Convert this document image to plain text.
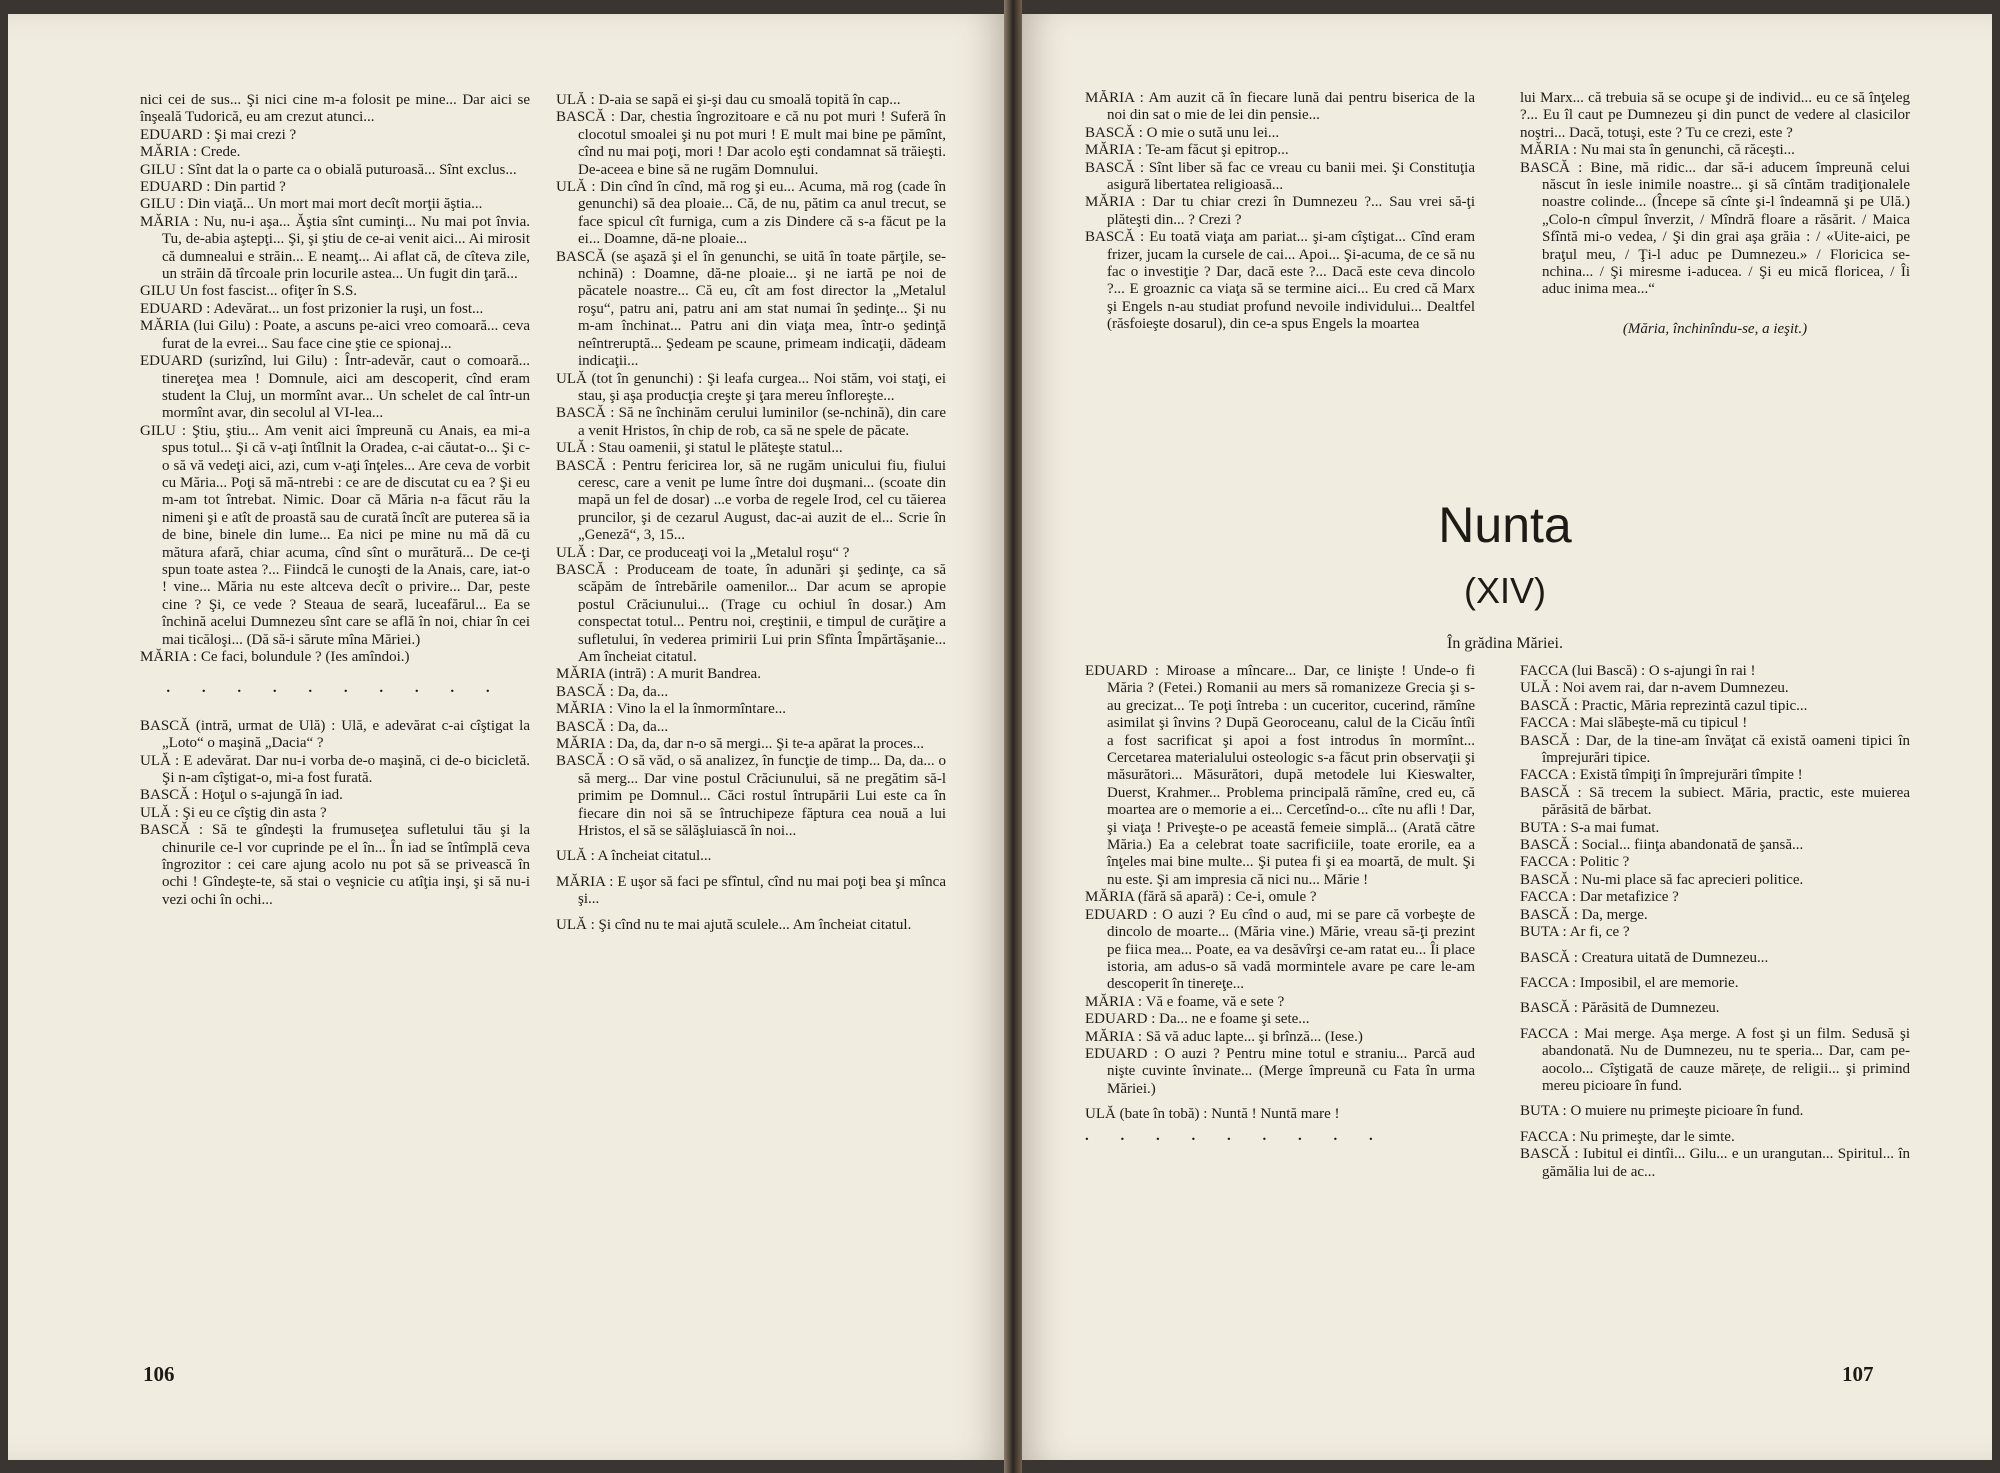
nici cei de sus... Şi nici cine m-a folosit pe mine... Dar aici se înşeală Tudorică, eu am crezut atunci...

EDUARD : Şi mai crezi ?

MĂRIA : Crede.

GILU : Sînt dat la o parte ca o obială puturoasă... Sînt exclus...

EDUARD : Din partid ?

GILU : Din viaţă... Un mort mai mort decît morţii ăştia...

MĂRIA : Nu, nu-i aşa... Ăştia sînt cuminţi... Nu mai pot învia. Tu, de-abia aştepţi... Şi, şi ştiu de ce-ai venit aici... Ai mirosit că dumnealui e străin... E neamţ... Ai aflat că, de cîteva zile, un străin dă tîrcoale prin locurile astea... Un fugit din ţară...

GILU Un fost fascist... ofiţer în S.S.

EDUARD : Adevărat... un fost prizonier la ruşi, un fost...

MĂRIA (lui Gilu) : Poate, a ascuns pe-aici vreo comoară... ceva furat de la evrei... Sau face cine ştie ce spionaj...

EDUARD (surizînd, lui Gilu) : Într-adevăr, caut o comoară... tinereţea mea ! Domnule, aici am descoperit, cînd eram student la Cluj, un mormînt avar... Un schelet de cal într-un mormînt avar, din secolul al VI-lea...

GILU : Ştiu, ştiu... Am venit aici împreună cu Anais, ea mi-a spus totul... Şi că v-aţi întîlnit la Oradea, c-ai căutat-o... Şi c-o să vă vedeţi aici, azi, cum v-aţi înţeles... Are ceva de vorbit cu Măria... Poţi să mă-ntrebi : ce are de discutat cu ea ? Şi eu m-am tot întrebat. Nimic. Doar că Măria n-a făcut rău la nimeni şi e atît de proastă sau de curată încît are puterea să ia de bine, binele din lume... Ea nici pe mine nu mă dă cu mătura afară, chiar acuma, cînd sînt o murătură... De ce-ţi spun toate astea ?... Fiindcă le cunoşti de la Anais, care, iat-o ! vine... Măria nu este altceva decît o privire... Dar, peste cine ? Şi, ce vede ? Steaua de seară, luceafărul... Ea se închină acelui Dumnezeu sînt care se află în noi, chiar în cei mai ticăloşi... (Dă să-i sărute mîna Măriei.)

MĂRIA : Ce faci, bolundule ? (Ies amîndoi.)

. . . . . . . . . .

BASCĂ (intră, urmat de Ulă) : Ulă, e adevărat c-ai cîştigat la „Loto“ o maşină „Dacia“ ?

ULĂ : E adevărat. Dar nu-i vorba de-o maşină, ci de-o bicicletă. Şi n-am cîştigat-o, mi-a fost furată.

BASCĂ : Hoţul o s-ajungă în iad.

ULĂ : Şi eu ce cîştig din asta ?

BASCĂ : Să te gîndeşti la frumuseţea sufletului tău şi la chinurile ce-l vor cuprinde pe el în... În iad se întîmplă ceva îngrozitor : cei care ajung acolo nu pot să se privească în ochi ! Gîndeşte-te, să stai o veşnicie cu atîţia inşi, şi să nu-i vezi ochi în ochi...

ULĂ : D-aia se sapă ei şi-şi dau cu smoală topită în cap...

BASCĂ : Dar, chestia îngrozitoare e că nu pot muri ! Suferă în clocotul smoalei şi nu pot muri ! E mult mai bine pe pămînt, cînd nu mai poţi, mori ! Dar acolo eşti condamnat să trăieşti. De-aceea e bine să ne rugăm Domnului.

ULĂ : Din cînd în cînd, mă rog şi eu... Acuma, mă rog (cade în genunchi) să dea ploaie... Că, de nu, pătim ca anul trecut, se face spicul cît furniga, cum a zis Dindere că s-a făcut pe la ei... Doamne, dă-ne ploaie...

BASCĂ (se aşază şi el în genunchi, se uită în toate părţile, se-nchină) : Doamne, dă-ne ploaie... şi ne iartă pe noi de păcatele noastre... Că eu, cît am fost director la „Metalul roşu“, patru ani, patru ani am stat numai în şedinţe... Şi nu m-am închinat... Patru ani din viaţa mea, într-o şedinţă neîntreruptă... Şedeam pe scaune, primeam indicaţii, dădeam indicaţii...

ULĂ (tot în genunchi) : Şi leafa curgea... Noi stăm, voi staţi, ei stau, şi aşa producţia creşte şi ţara mereu înfloreşte...

BASCĂ : Să ne închinăm cerului luminilor (se-nchină), din care a venit Hristos, în chip de rob, ca să ne spele de păcate.

ULĂ : Stau oamenii, şi statul le plăteşte statul...

BASCĂ : Pentru fericirea lor, să ne rugăm unicului fiu, fiului ceresc, care a venit pe lume între doi duşmani... (scoate din mapă un fel de dosar) ...e vorba de regele Irod, cel cu tăierea pruncilor, şi de cezarul August, dac-ai auzit de el... Scrie în „Geneză“, 3, 15...

ULĂ : Dar, ce produceaţi voi la „Metalul roşu“ ?

BASCĂ : Produceam de toate, în adunări şi şedinţe, ca să scăpăm de întrebările oamenilor... Dar acum se apropie postul Crăciunului... (Trage cu ochiul în dosar.) Am conspectat totul... Pentru noi, creştinii, e timpul de curăţire a sufletului, în vederea primirii Lui prin Sfînta Împărtăşanie... Am încheiat citatul.

MĂRIA (intră) : A murit Bandrea.

BASCĂ : Da, da...

MĂRIA : Vino la el la înmormîntare...

BASCĂ : Da, da...

MĂRIA : Da, da, dar n-o să mergi... Şi te-a apărat la proces...

BASCĂ : O să văd, o să analizez, în funcţie de timp... Da, da... o să merg... Dar vine postul Crăciunului, să ne pregătim să-l primim pe Domnul... Căci rostul întrupării Lui este ca în fiecare din noi să se întruchipeze făptura cea nouă a lui Hristos, el să se sălăşluiască în noi...

ULĂ : A încheiat citatul...

MĂRIA : E uşor să faci pe sfîntul, cînd nu mai poţi bea şi mînca şi...

ULĂ : Şi cînd nu te mai ajută sculele... Am încheiat citatul.

106

MĂRIA : Am auzit că în fiecare lună dai pentru biserica de la noi din sat o mie de lei din pensie...

BASCĂ : O mie o sută unu lei...

MĂRIA : Te-am făcut şi epitrop...

BASCĂ : Sînt liber să fac ce vreau cu banii mei. Şi Constituţia asigură libertatea religioasă...

MĂRIA : Dar tu chiar crezi în Dumnezeu ?... Sau vrei să-ţi plăteşti din... ? Crezi ?

BASCĂ : Eu toată viaţa am pariat... şi-am cîştigat... Cînd eram frizer, jucam la cursele de cai... Apoi... Şi-acuma, de ce să nu fac o investiţie ? Dar, dacă este ?... Dacă este ceva dincolo ?... E groaznic ca viaţa să se termine aici... Eu cred că Marx şi Engels n-au studiat profund nevoile individului... Dealtfel (răsfoieşte dosarul), din ce-a spus Engels la moartea

lui Marx... că trebuia să se ocupe şi de individ... eu ce să înţeleg ?... Eu îl caut pe Dumnezeu şi din punct de vedere al clasicilor noştri... Dacă, totuşi, este ? Tu ce crezi, este ?

MĂRIA : Nu mai sta în genunchi, că răceşti...

BASCĂ : Bine, mă ridic... dar să-i aducem împreună celui născut în iesle inimile noastre... şi să cîntăm tradiţionalele noastre colinde... (Începe să cînte şi-l îndeamnă şi pe Ulă.) „Colo-n cîmpul înverzit, / Mîndră floare a răsărit. / Maica Sfîntă mi-o vedea, / Şi din grai aşa grăia : / «Uite-aici, pe braţul meu, / Ţi-l aduc pe Dumnezeu.» / Floricica se-nchina... / Şi miresme i-aducea. / Şi eu mică floricea, / Îi aduc inima mea...“

(Măria, închinîndu-se, a ieşit.)

Nunta
(XIV)
În grădina Măriei.

EDUARD : Miroase a mîncare... Dar, ce linişte ! Unde-o fi Măria ? (Fetei.) Romanii au mers să romanizeze Grecia şi s-au grecizat... Te poţi întreba : un cuceritor, cucerind, rămîne asimilat şi învins ? După Georoceanu, calul de la Cicău întîi a fost sacrificat şi apoi a fost introdus în mormînt... Cercetarea materialului osteologic s-a făcut prin observaţii şi măsurători... Măsurători, după metodele lui Kieswalter, Duerst, Krahmer... Problema principală rămîne, cred eu, că moartea are o memorie a ei... Cercetînd-o... cîte nu afli ! Dar, şi viaţa ! Priveşte-o pe această femeie simplă... (Arată către Măria.) Ea a celebrat toate sacrificiile, toate erorile, ea a înţeles mai bine multe... Şi putea fi şi ea moartă, de mult. Şi nu este. Şi am impresia că nici nu... Mărie !

MĂRIA (fără să apară) : Ce-i, omule ?

EDUARD : O auzi ? Eu cînd o aud, mi se pare că vorbeşte de dincolo de moarte... (Măria vine.) Mărie, vreau să-ţi prezint pe fiica mea... Poate, ea va desăvîrşi ce-am ratat eu... Îi place istoria, am adus-o să vadă mormintele avare pe care le-am descoperit în tinereţe...

MĂRIA : Vă e foame, vă e sete ?

EDUARD : Da... ne e foame şi sete...

MĂRIA : Să vă aduc lapte... şi brînză... (Iese.)

EDUARD : O auzi ? Pentru mine totul e straniu... Parcă aud nişte cuvinte învinate... (Merge împreună cu Fata în urma Măriei.)

ULĂ (bate în tobă) : Nuntă ! Nuntă mare !

. . . . . . . . .

FACCA (lui Bască) : O s-ajungi în rai !

ULĂ : Noi avem rai, dar n-avem Dumnezeu.

BASCĂ : Practic, Măria reprezintă cazul tipic...

FACCA : Mai slăbeşte-mă cu tipicul !

BASCĂ : Dar, de la tine-am învăţat că există oameni tipici în împrejurări tipice.

FACCA : Există tîmpiţi în împrejurări tîmpite !

BASCĂ : Să trecem la subiect. Măria, practic, este muierea părăsită de bărbat.

BUTA : S-a mai fumat.

BASCĂ : Social... fiinţa abandonată de şansă...

FACCA : Politic ?

BASCĂ : Nu-mi place să fac aprecieri politice.

FACCA : Dar metafizice ?

BASCĂ : Da, merge.

BUTA : Ar fi, ce ?

BASCĂ : Creatura uitată de Dumnezeu...

FACCA : Imposibil, el are memorie.

BASCĂ : Părăsită de Dumnezeu.

FACCA : Mai merge. Aşa merge. A fost şi un film. Sedusă şi abandonată. Nu de Dumnezeu, nu te speria... Dar, cam pe-aocolo... Cîştigată de cauze mărețe, de religii... şi primind mereu picioare în fund.

BUTA : O muiere nu primeşte picioare în fund.

FACCA : Nu primeşte, dar le simte.

BASCĂ : Iubitul ei dintîi... Gilu... e un urangutan... Spiritul... în gămălia lui de ac...

107
